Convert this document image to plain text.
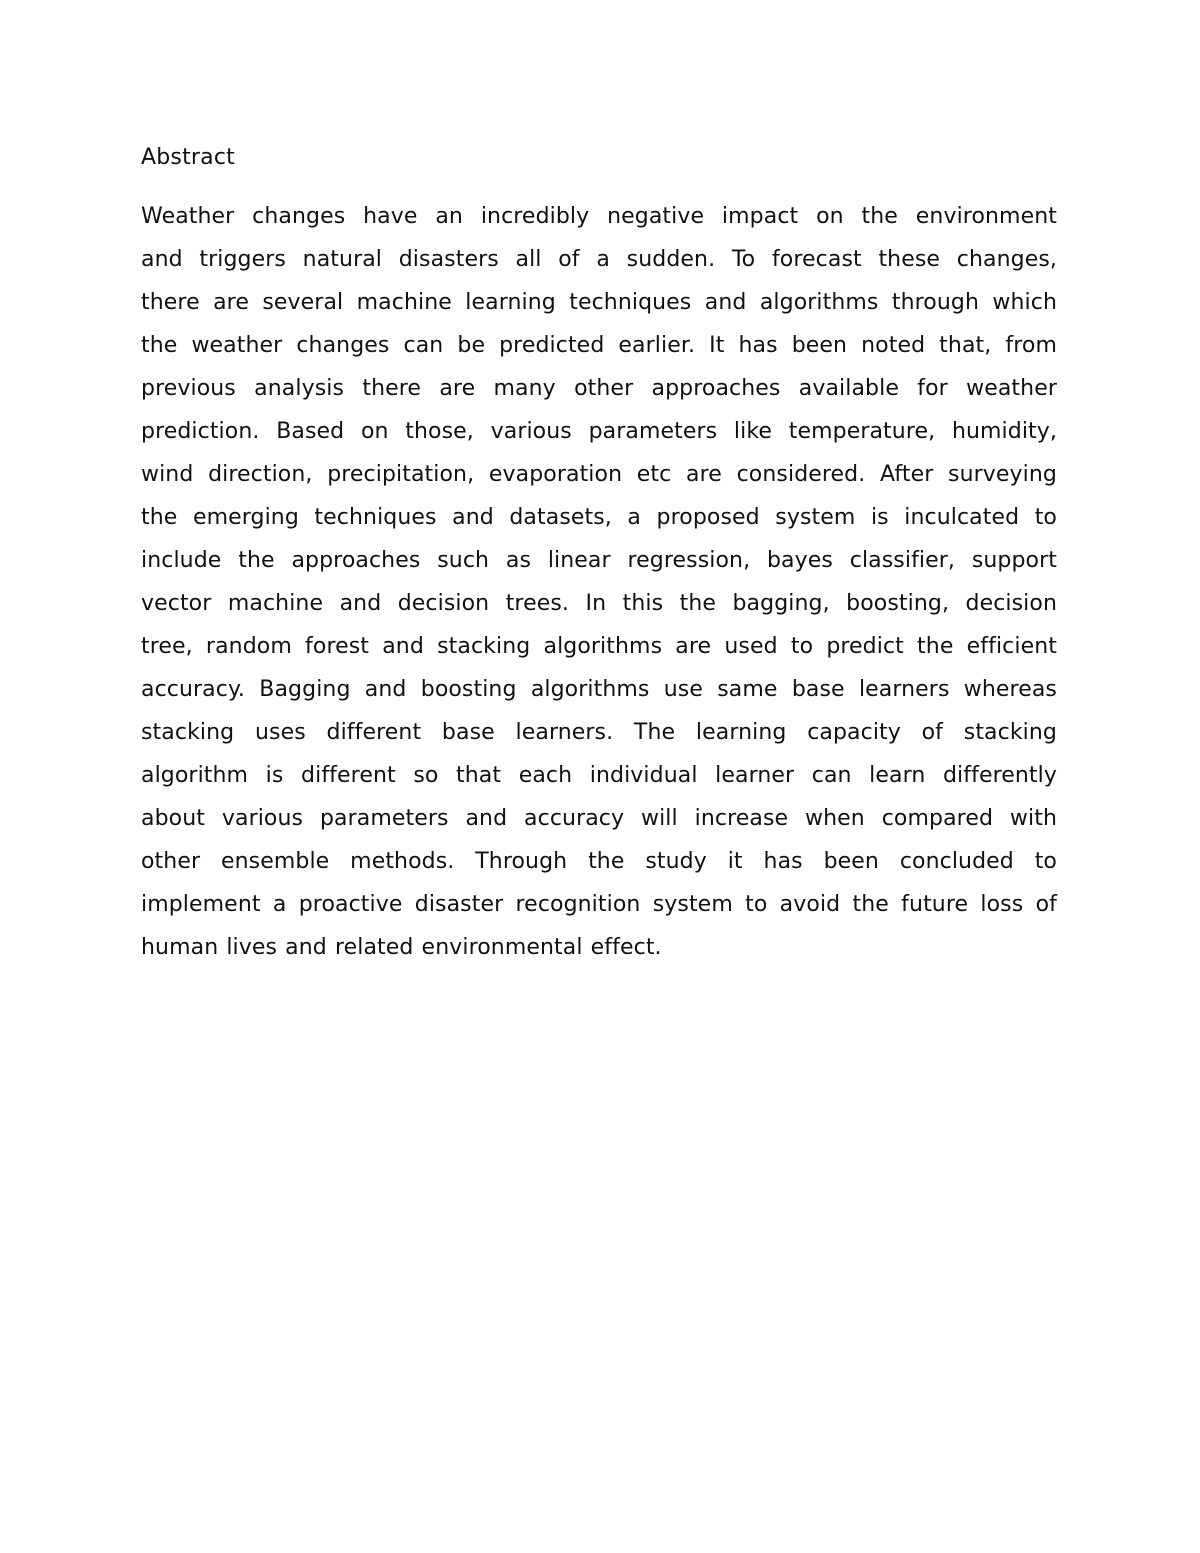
Abstract
Weather changes have an incredibly negative impact on the environment
and triggers natural disasters all of a sudden. To forecast these changes,
there are several machine learning techniques and algorithms through which
the weather changes can be predicted earlier. It has been noted that, from
previous analysis there are many other approaches available for weather
prediction. Based on those, various parameters like temperature, humidity,
wind direction, precipitation, evaporation etc are considered. After surveying
the emerging techniques and datasets, a proposed system is inculcated to
include the approaches such as linear regression, bayes classifier, support
vector machine and decision trees. In this the bagging, boosting, decision
tree, random forest and stacking algorithms are used to predict the efficient
accuracy. Bagging and boosting algorithms use same base learners whereas
stacking uses different base learners. The learning capacity of stacking
algorithm is different so that each individual learner can learn differently
about various parameters and accuracy will increase when compared with
other ensemble methods. Through the study it has been concluded to
implement a proactive disaster recognition system to avoid the future loss of
human lives and related environmental effect.
